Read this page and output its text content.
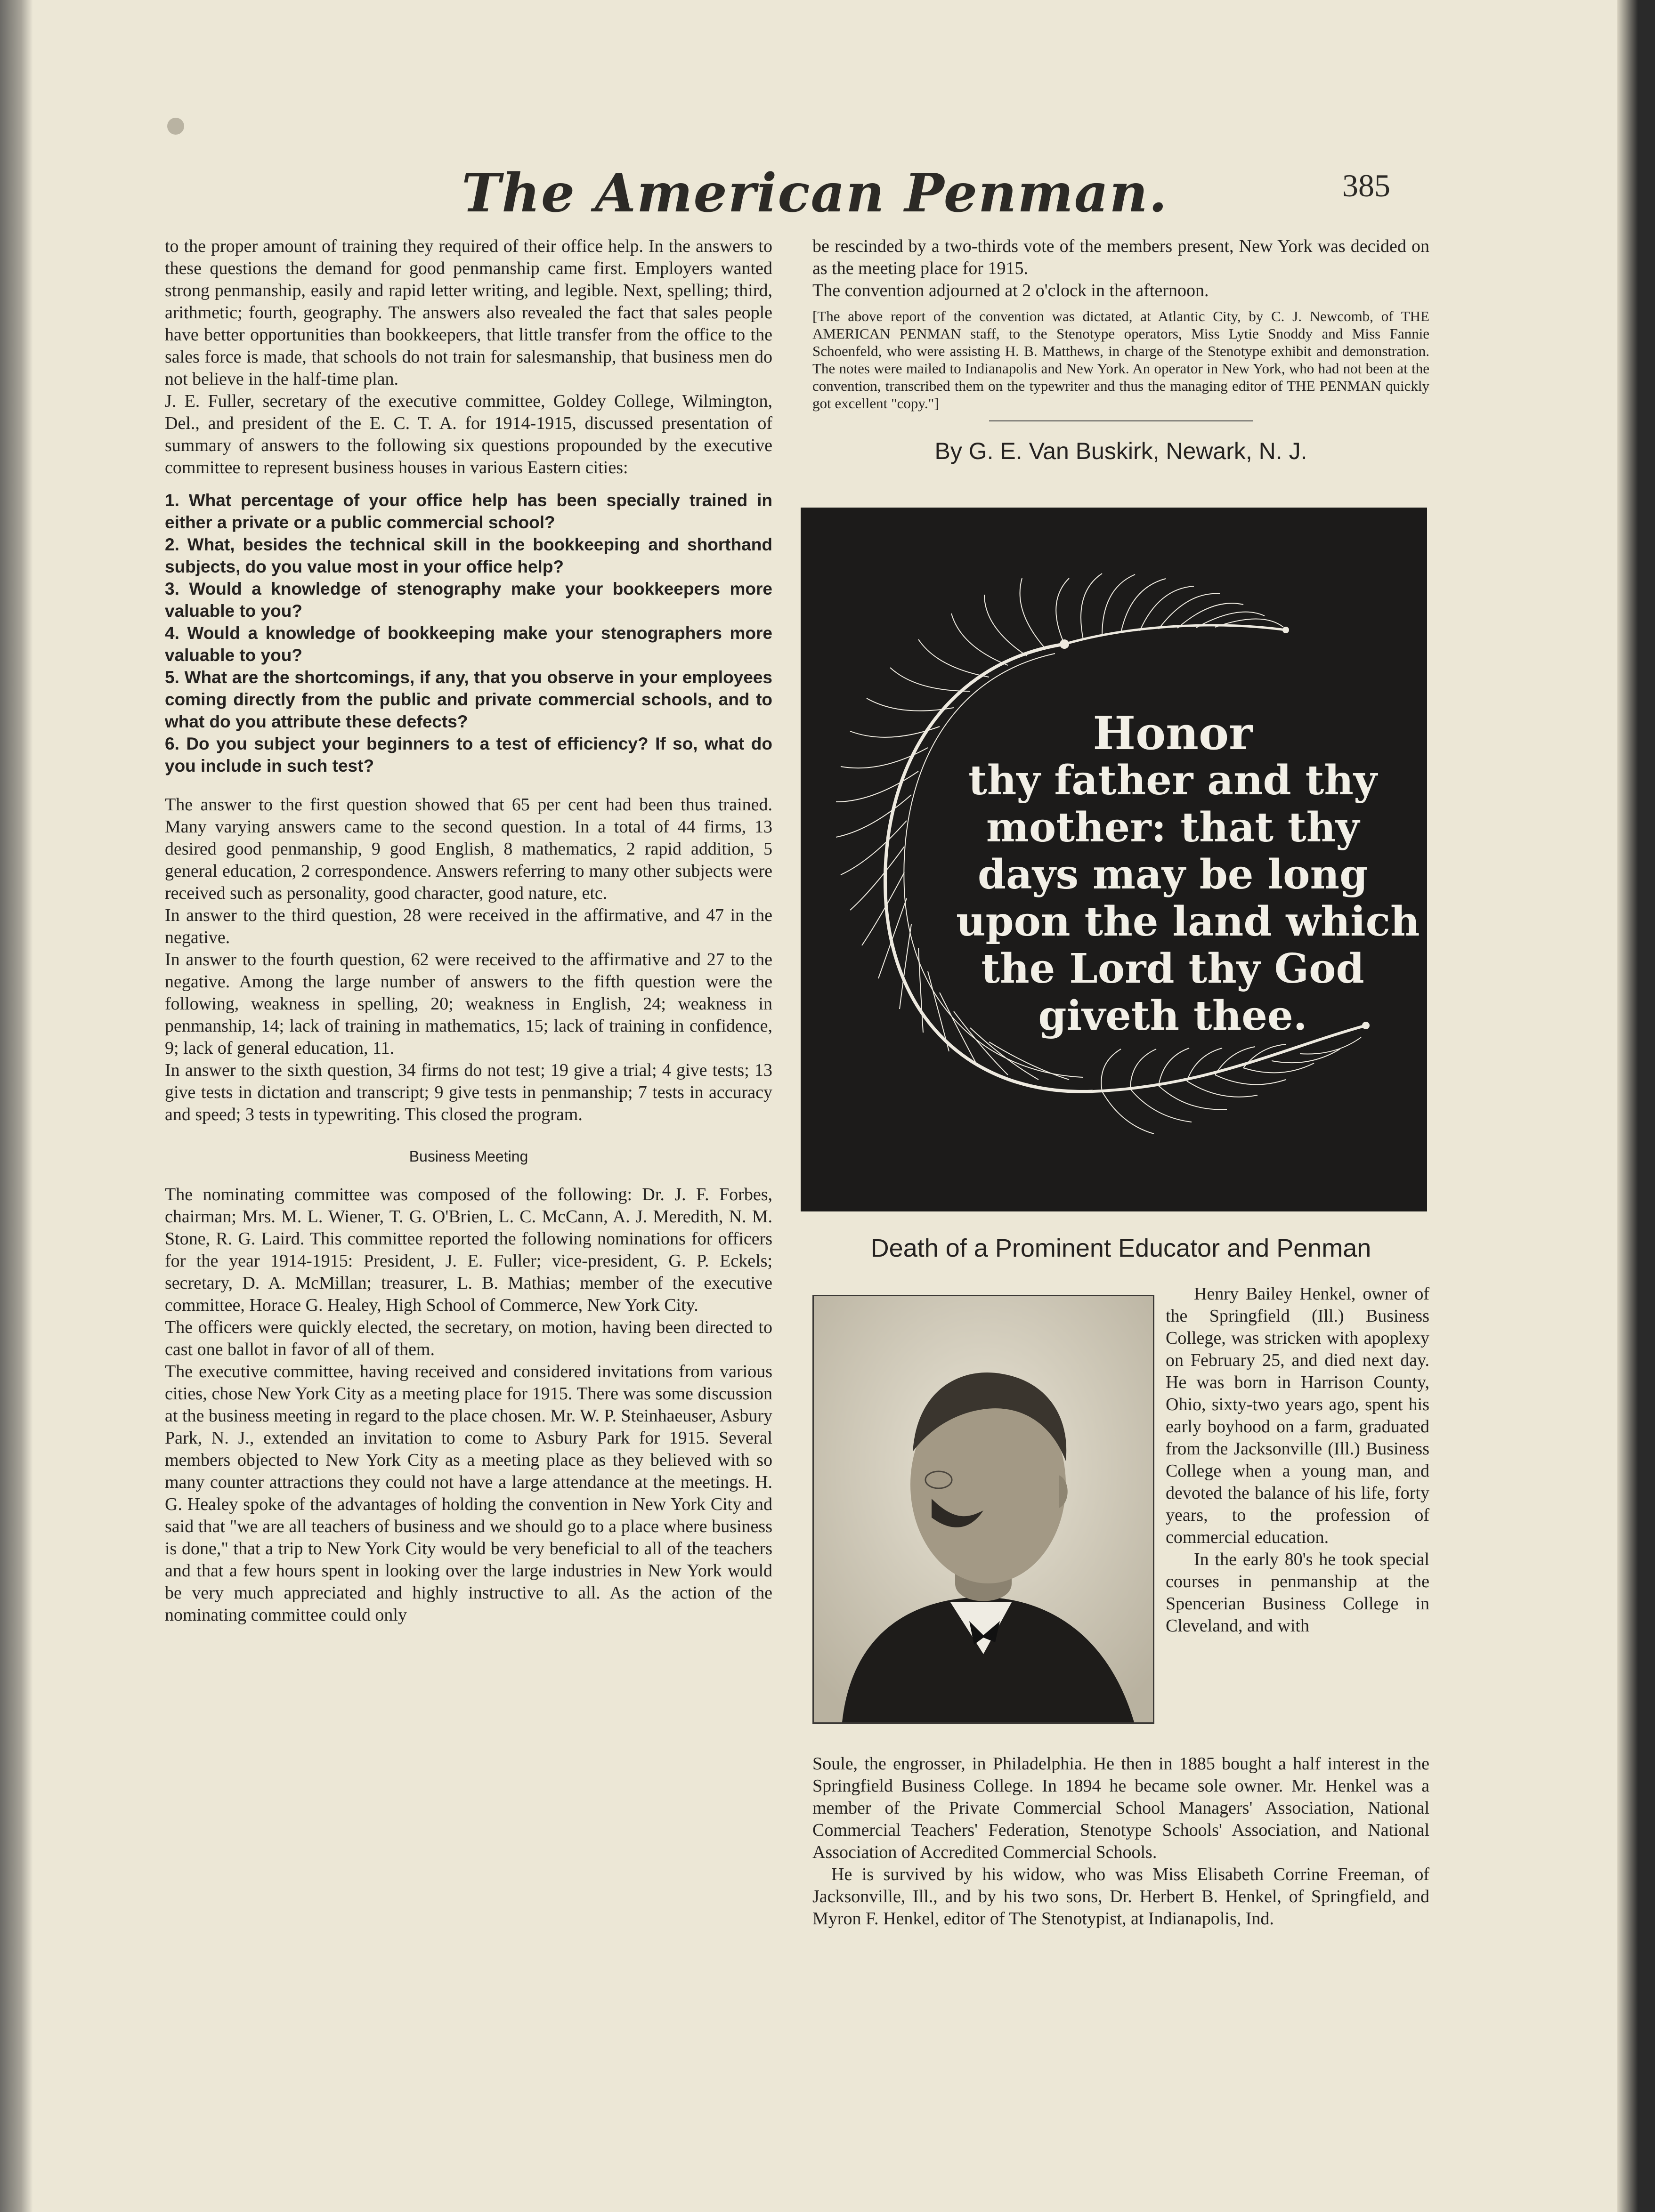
The American Penman.	385

to the proper amount of training they required of their office help. In the answers to these questions the demand for good penmanship came first. Employers wanted strong penmanship, easily and rapid letter writing, and legible. Next, spelling; third, arithmetic; fourth, geography. The answers also revealed the fact that sales people have better opportunities than bookkeepers, that little transfer from the office to the sales force is made, that schools do not train for salesmanship, that business men do not believe in the half-time plan.

J. E. Fuller, secretary of the executive committee, Goldey College, Wilmington, Del., and president of the E. C. T. A. for 1914-1915, discussed presentation of summary of answers to the following six questions propounded by the executive committee to represent business houses in various Eastern cities:

1. What percentage of your office help has been specially trained in either a private or a public commercial school?
2. What, besides the technical skill in the bookkeeping and shorthand subjects, do you value most in your office help?
3. Would a knowledge of stenography make your bookkeepers more valuable to you?
4. Would a knowledge of bookkeeping make your stenographers more valuable to you?
5. What are the shortcomings, if any, that you observe in your employees coming directly from the public and private commercial schools, and to what do you attribute these defects?
6. Do you subject your beginners to a test of efficiency? If so, what do you include in such test?

The answer to the first question showed that 65 per cent had been thus trained. Many varying answers came to the second question. In a total of 44 firms, 13 desired good penmanship, 9 good English, 8 mathematics, 2 rapid addition, 5 general education, 2 correspondence. Answers referring to many other subjects were received such as personality, good character, good nature, etc.

In answer to the third question, 28 were received in the affirmative, and 47 in the negative.

In answer to the fourth question, 62 were received to the affirmative and 27 to the negative. Among the large number of answers to the fifth question were the following, weakness in spelling, 20; weakness in English, 24; weakness in penmanship, 14; lack of training in mathematics, 15; lack of training in confidence, 9; lack of general education, 11.

In answer to the sixth question, 34 firms do not test; 19 give a trial; 4 give tests; 13 give tests in dictation and transcript; 9 give tests in penmanship; 7 tests in accuracy and speed; 3 tests in typewriting. This closed the program.

Business Meeting

The nominating committee was composed of the following: Dr. J. F. Forbes, chairman; Mrs. M. L. Wiener, T. G. O'Brien, L. C. McCann, A. J. Meredith, N. M. Stone, R. G. Laird. This committee reported the following nominations for officers for the year 1914-1915: President, J. E. Fuller; vice-president, G. P. Eckels; secretary, D. A. McMillan; treasurer, L. B. Mathias; member of the executive committee, Horace G. Healey, High School of Commerce, New York City.

The officers were quickly elected, the secretary, on motion, having been directed to cast one ballot in favor of all of them.

The executive committee, having received and considered invitations from various cities, chose New York City as a meeting place for 1915. There was some discussion at the business meeting in regard to the place chosen. Mr. W. P. Steinhaeuser, Asbury Park, N. J., extended an invitation to come to Asbury Park for 1915. Several members objected to New York City as a meeting place as they believed with so many counter attractions they could not have a large attendance at the meetings. H. G. Healey spoke of the advantages of holding the convention in New York City and said that "we are all teachers of business and we should go to a place where business is done," that a trip to New York City would be very beneficial to all of the teachers and that a few hours spent in looking over the large industries in New York would be very much appreciated and highly instructive to all. As the action of the nominating committee could only

be rescinded by a two-thirds vote of the members present, New York was decided on as the meeting place for 1915.

The convention adjourned at 2 o'clock in the afternoon.

[The above report of the convention was dictated, at Atlantic City, by C. J. Newcomb, of THE AMERICAN PENMAN staff, to the Stenotype operators, Miss Lytie Snoddy and Miss Fannie Schoenfeld, who were assisting H. B. Matthews, in charge of the Stenotype exhibit and demonstration. The notes were mailed to Indianapolis and New York. An operator in New York, who had not been at the convention, transcribed them on the typewriter and thus the managing editor of THE PENMAN quickly got excellent "copy."]

By G. E. Van Buskirk, Newark, N. J.
Honor
thy father and thy
mother: that thy
days may be long
upon the land which
the Lord thy God
giveth thee.
Death of a Prominent Educator and Penman

Henry Bailey Henkel, owner of the Springfield (Ill.) Business College, was stricken with apoplexy on February 25, and died next day. He was born in Harrison County, Ohio, sixty-two years ago, spent his early boyhood on a farm, graduated from the Jacksonville (Ill.) Business College when a young man, and devoted the balance of his life, forty years, to the profession of commercial education.

In the early 80's he took special courses in penmanship at the Spencerian Business College in Cleveland, and with

Soule, the engrosser, in Philadelphia. He then in 1885 bought a half interest in the Springfield Business College. In 1894 he became sole owner. Mr. Henkel was a member of the Private Commercial School Managers' Association, National Commercial Teachers' Federation, Stenotype Schools' Association, and National Association of Accredited Commercial Schools.

He is survived by his widow, who was Miss Elisabeth Corrine Freeman, of Jacksonville, Ill., and by his two sons, Dr. Herbert B. Henkel, of Springfield, and Myron F. Henkel, editor of The Stenotypist, at Indianapolis, Ind.
